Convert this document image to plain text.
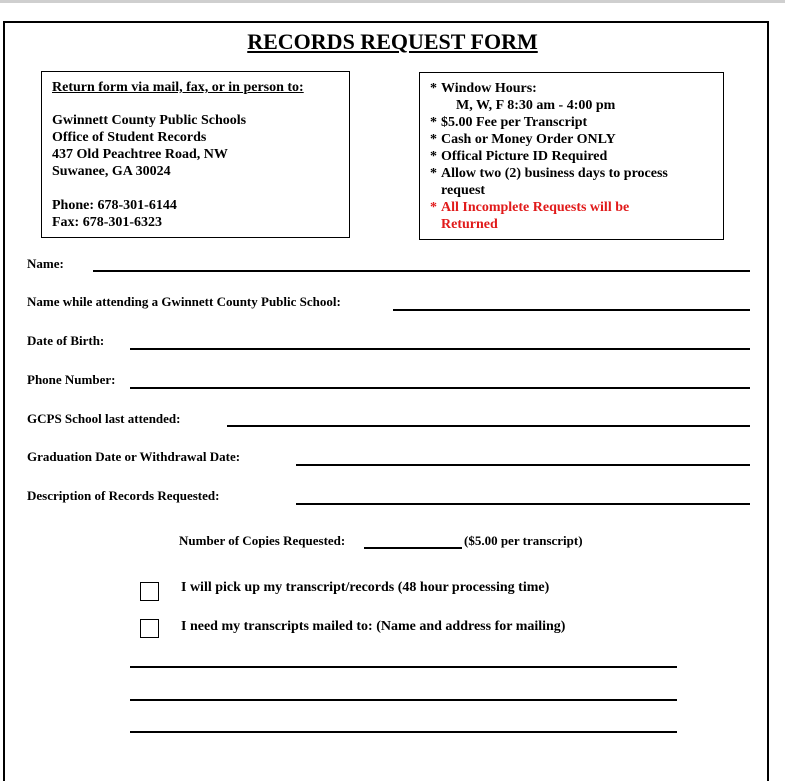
RECORDS REQUEST FORM
Return form via mail, fax, or in person to:
Gwinnett County Public Schools
Office of Student Records
437 Old Peachtree Road, NW
Suwanee, GA 30024
Phone: 678-301-6144
Fax: 678-301-6323
* Window Hours:
M, W, F 8:30 am - 4:00 pm
* $5.00 Fee per Transcript
* Cash or Money Order ONLY
* Offical Picture ID Required
* Allow two (2) business days to process
request
* All Incomplete Requests will be
Returned
Name:
Name while attending a Gwinnett County Public School:
Date of Birth:
Phone Number:
GCPS School last attended:
Graduation Date or Withdrawal Date:
Description of Records Requested:
Number of Copies Requested:	($5.00 per transcript)
I will pick up my transcript/records (48 hour processing time)
I need my transcripts mailed to: (Name and address for mailing)
